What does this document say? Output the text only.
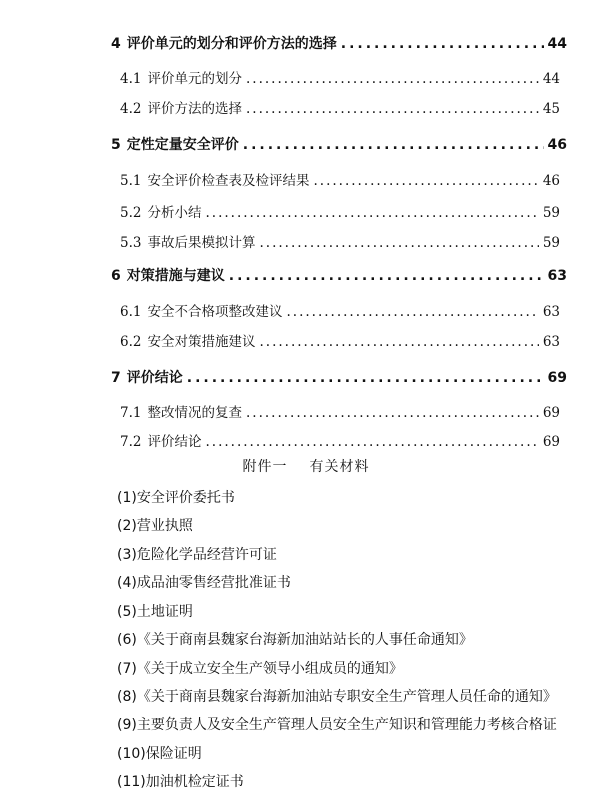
4 评价单元的划分和评价方法的选择 .....	44
4.1 评价单元的划分 .....	44
4.2 评价方法的选择 .....	45
5 定性定量安全评价 .....	46
5.1 安全评价检查表及检评结果 .....	46
5.2 分析小结 .....	59
5.3 事故后果模拟计算 .....	59
6 对策措施与建议 .....	63
6.1 安全不合格项整改建议 .....	63
6.2 安全对策措施建议 .....	63
7 评价结论 .....	69
7.1 整改情况的复查 .....	69
7.2 评价结论 .....	69
附件一 有关材料
(1)安全评价委托书
(2)营业执照
(3)危险化学品经营许可证
(4)成品油零售经营批准证书
(5)土地证明
(6)《关于商南县魏家台海新加油站站长的人事任命通知》
(7)《关于成立安全生产领导小组成员的通知》
(8)《关于商南县魏家台海新加油站专职安全生产管理人员任命的通知》
(9)主要负责人及安全生产管理人员安全生产知识和管理能力考核合格证
(10)保险证明
(11)加油机检定证书
